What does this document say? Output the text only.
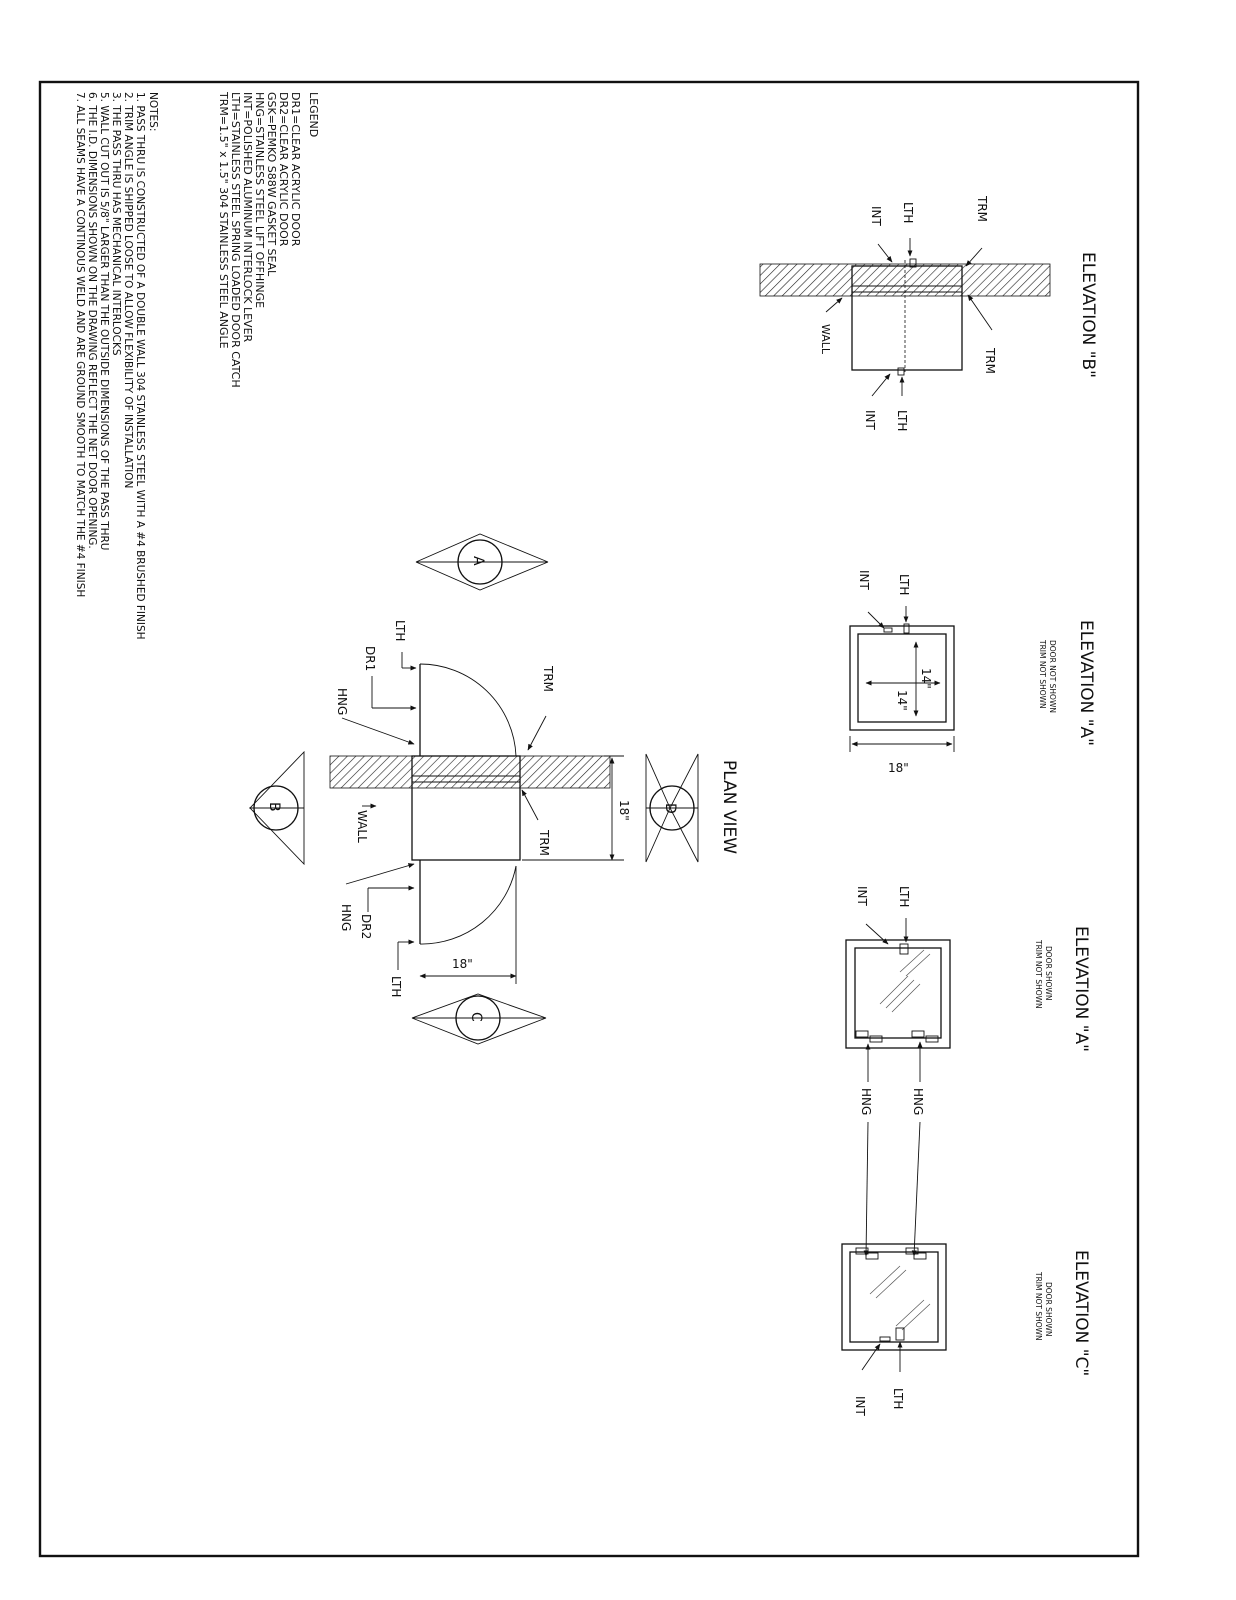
LEGEND
DR1=CLEAR ACRYLIC DOOR
DR2=CLEAR ACRYLIC DOOR
GSK=PEMKO S88W GASKET SEAL
HNG=STAINLESS STEEL LIFT OFFHINGE
INT=POLISHED ALUMINUM INTERLOCK LEVER
LTH=STAINLESS STEEL SPRING LOADED DOOR CATCH
TRM=1.5" x 1.5" 304 STAINLESS STEEL ANGLE
NOTES:
1. PASS THRU IS CONSTRUCTED OF A DOUBLE WALL 304 STAINLESS STEEL WITH A #4 BRUSHED FINISH
2. TRIM ANGLE IS SHIPPED LOOSE TO ALLOW FLEXIBILITY OF INSTALLATION
3. THE PASS THRU HAS MECHANICAL INTERLOCKS
5. WALL CUT OUT IS 5/8" LARGER THAN THE OUTSIDE DIMENSIONS OF THE PASS THRU
6. THE I.D. DIMENSIONS SHOWN ON THE DRAWING REFLECT THE NET DOOR OPENING.
7. ALL SEAMS HAVE A CONTINOUS WELD AND ARE GROUND SMOOTH TO MATCH THE #4 FINISH	ELEVATION "B"
TRM
TRM
LTH
INT
LTH
INT
WALL
ELEVATION "A"
DOOR NOT SHOWN
TRIM NOT SHOWN
14"
14"
18"
LTH
INT
ELEVATION "A"
DOOR SHOWN
TRIM NOT SHOWN
LTH
INT
HNG
HNG
ELEVATION "C"
DOOR SHOWN
TRIM NOT SHOWN
LTH
INT
PLAN VIEW
18"
18"
A
D
B
C
TRM
TRM
LTH
DR1
HNG
WALL
HNG DR2
LTH
